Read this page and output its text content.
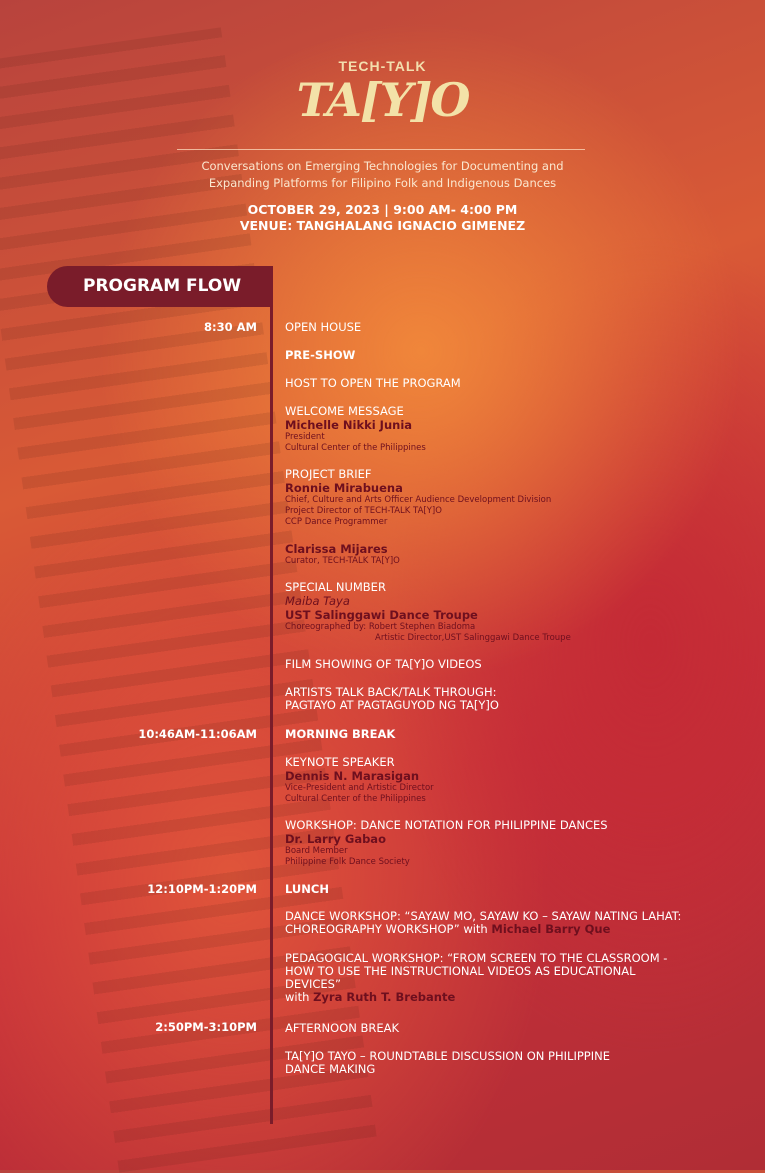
TECH-TALK
TA[Y]O
Conversations on Emerging Technologies for Documenting and
Expanding Platforms for Filipino Folk and Indigenous Dances
OCTOBER 29, 2023 | 9:00 AM- 4:00 PM
VENUE: TANGHALANG IGNACIO GIMENEZ
PROGRAM FLOW
8:30 AM
10:46AM-11:06AM
12:10PM-1:20PM
2:50PM-3:10PM
OPEN HOUSE
PRE-SHOW
HOST TO OPEN THE PROGRAM
WELCOME MESSAGE
Michelle Nikki Junia
President
Cultural Center of the Philippines
PROJECT BRIEF
Ronnie Mirabuena
Chief, Culture and Arts Officer Audience Development Division
Project Director of TECH-TALK TA[Y]O
CCP Dance Programmer
Clarissa Mijares
Curator, TECH-TALK TA[Y]O
SPECIAL NUMBER
Maiba Taya
UST Salinggawi Dance Troupe
Choreographed by: Robert Stephen Biadoma
Artistic Director,UST Salinggawi Dance Troupe
FILM SHOWING OF TA[Y]O VIDEOS
ARTISTS TALK BACK/TALK THROUGH:
PAGTAYO AT PAGTAGUYOD NG TA[Y]O
MORNING BREAK
KEYNOTE SPEAKER
Dennis N. Marasigan
Vice-President and Artistic Director
Cultural Center of the Philippines
WORKSHOP: DANCE NOTATION FOR PHILIPPINE DANCES
Dr. Larry Gabao
Board Member
Philippine Folk Dance Society
LUNCH
DANCE WORKSHOP: “SAYAW MO, SAYAW KO – SAYAW NATING LAHAT:
CHOREOGRAPHY WORKSHOP” with Michael Barry Que
PEDAGOGICAL WORKSHOP: “FROM SCREEN TO THE CLASSROOM -
HOW TO USE THE INSTRUCTIONAL VIDEOS AS EDUCATIONAL
DEVICES”
with Zyra Ruth T. Brebante
AFTERNOON BREAK
TA[Y]O TAYO – ROUNDTABLE DISCUSSION ON PHILIPPINE
DANCE MAKING
